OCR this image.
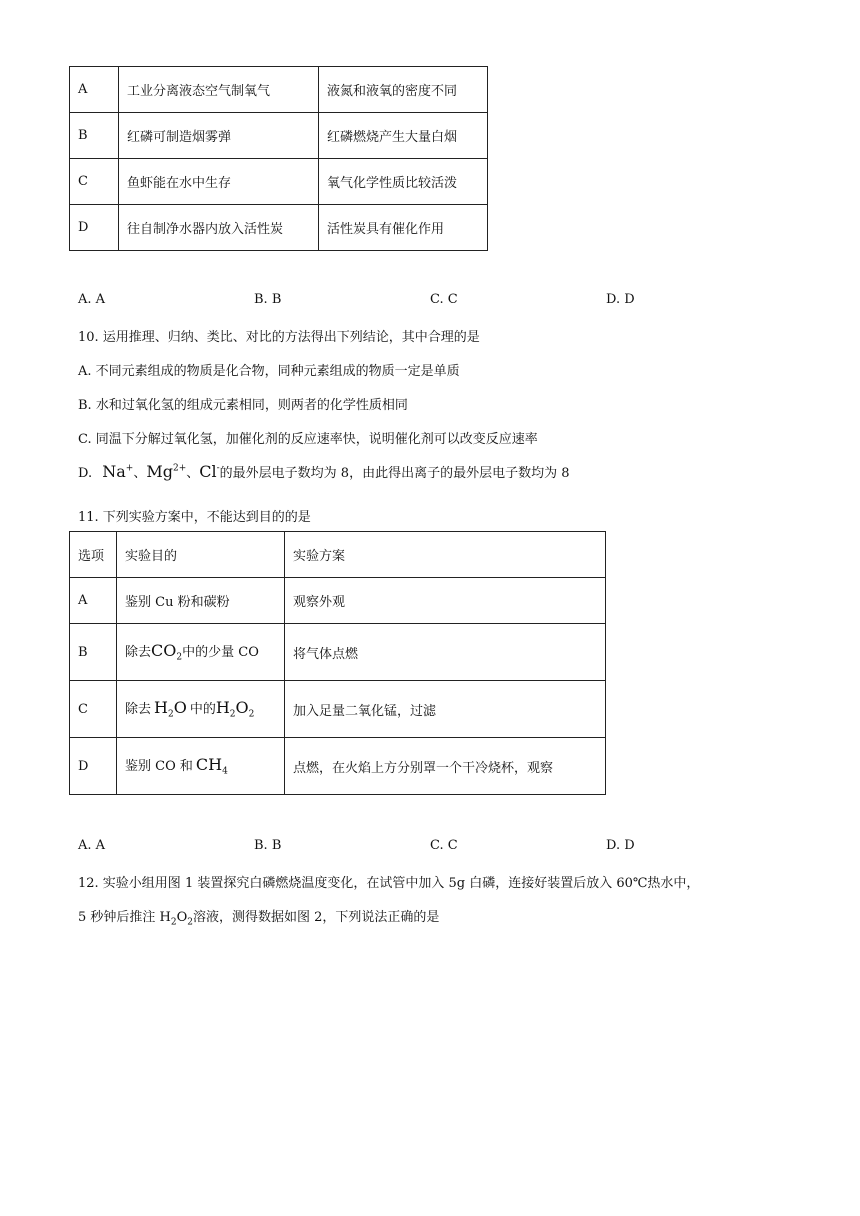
A	工业分离液态空气制氧气	液氮和液氧的密度不同
B	红磷可制造烟雾弹	红磷燃烧产生大量白烟
C	鱼虾能在水中生存	氧气化学性质比较活泼
D	往自制净水器内放入活性炭	活性炭具有催化作用
A. A	B. B	C. C	D. D
10. 运用推理、归纳、类比、对比的方法得出下列结论，其中合理的是
A. 不同元素组成的物质是化合物，同种元素组成的物质一定是单质
B. 水和过氧化氢的组成元素相同，则两者的化学性质相同
C. 同温下分解过氧化氢，加催化剂的反应速率快，说明催化剂可以改变反应速率
D. Na+、$Mg^{2+}$、Cl-的最外层电子数均为 8，由此得出离子的最外层电子数均为 8
11. 下列实验方案中，不能达到目的的是
选项	实验目的	实验方案
A	鉴别 Cu 粉和碳粉	观察外观
B	除去$CO_2$中的少量 CO	将气体点燃
C	除去 $H_2O$ 中的$H_2O_2$	加入足量二氧化锰，过滤
D	鉴别 CO 和 $CH_4$	点燃，在火焰上方分别罩一个干冷烧杯，观察
A. A	B. B	C. C	D. D
12. 实验小组用图 1 装置探究白磷燃烧温度变化，在试管中加入 5g 白磷，连接好装置后放入 60℃热水中，
5 秒钟后推注 $H_2O_2$溶液，测得数据如图 2，下列说法正确的是
